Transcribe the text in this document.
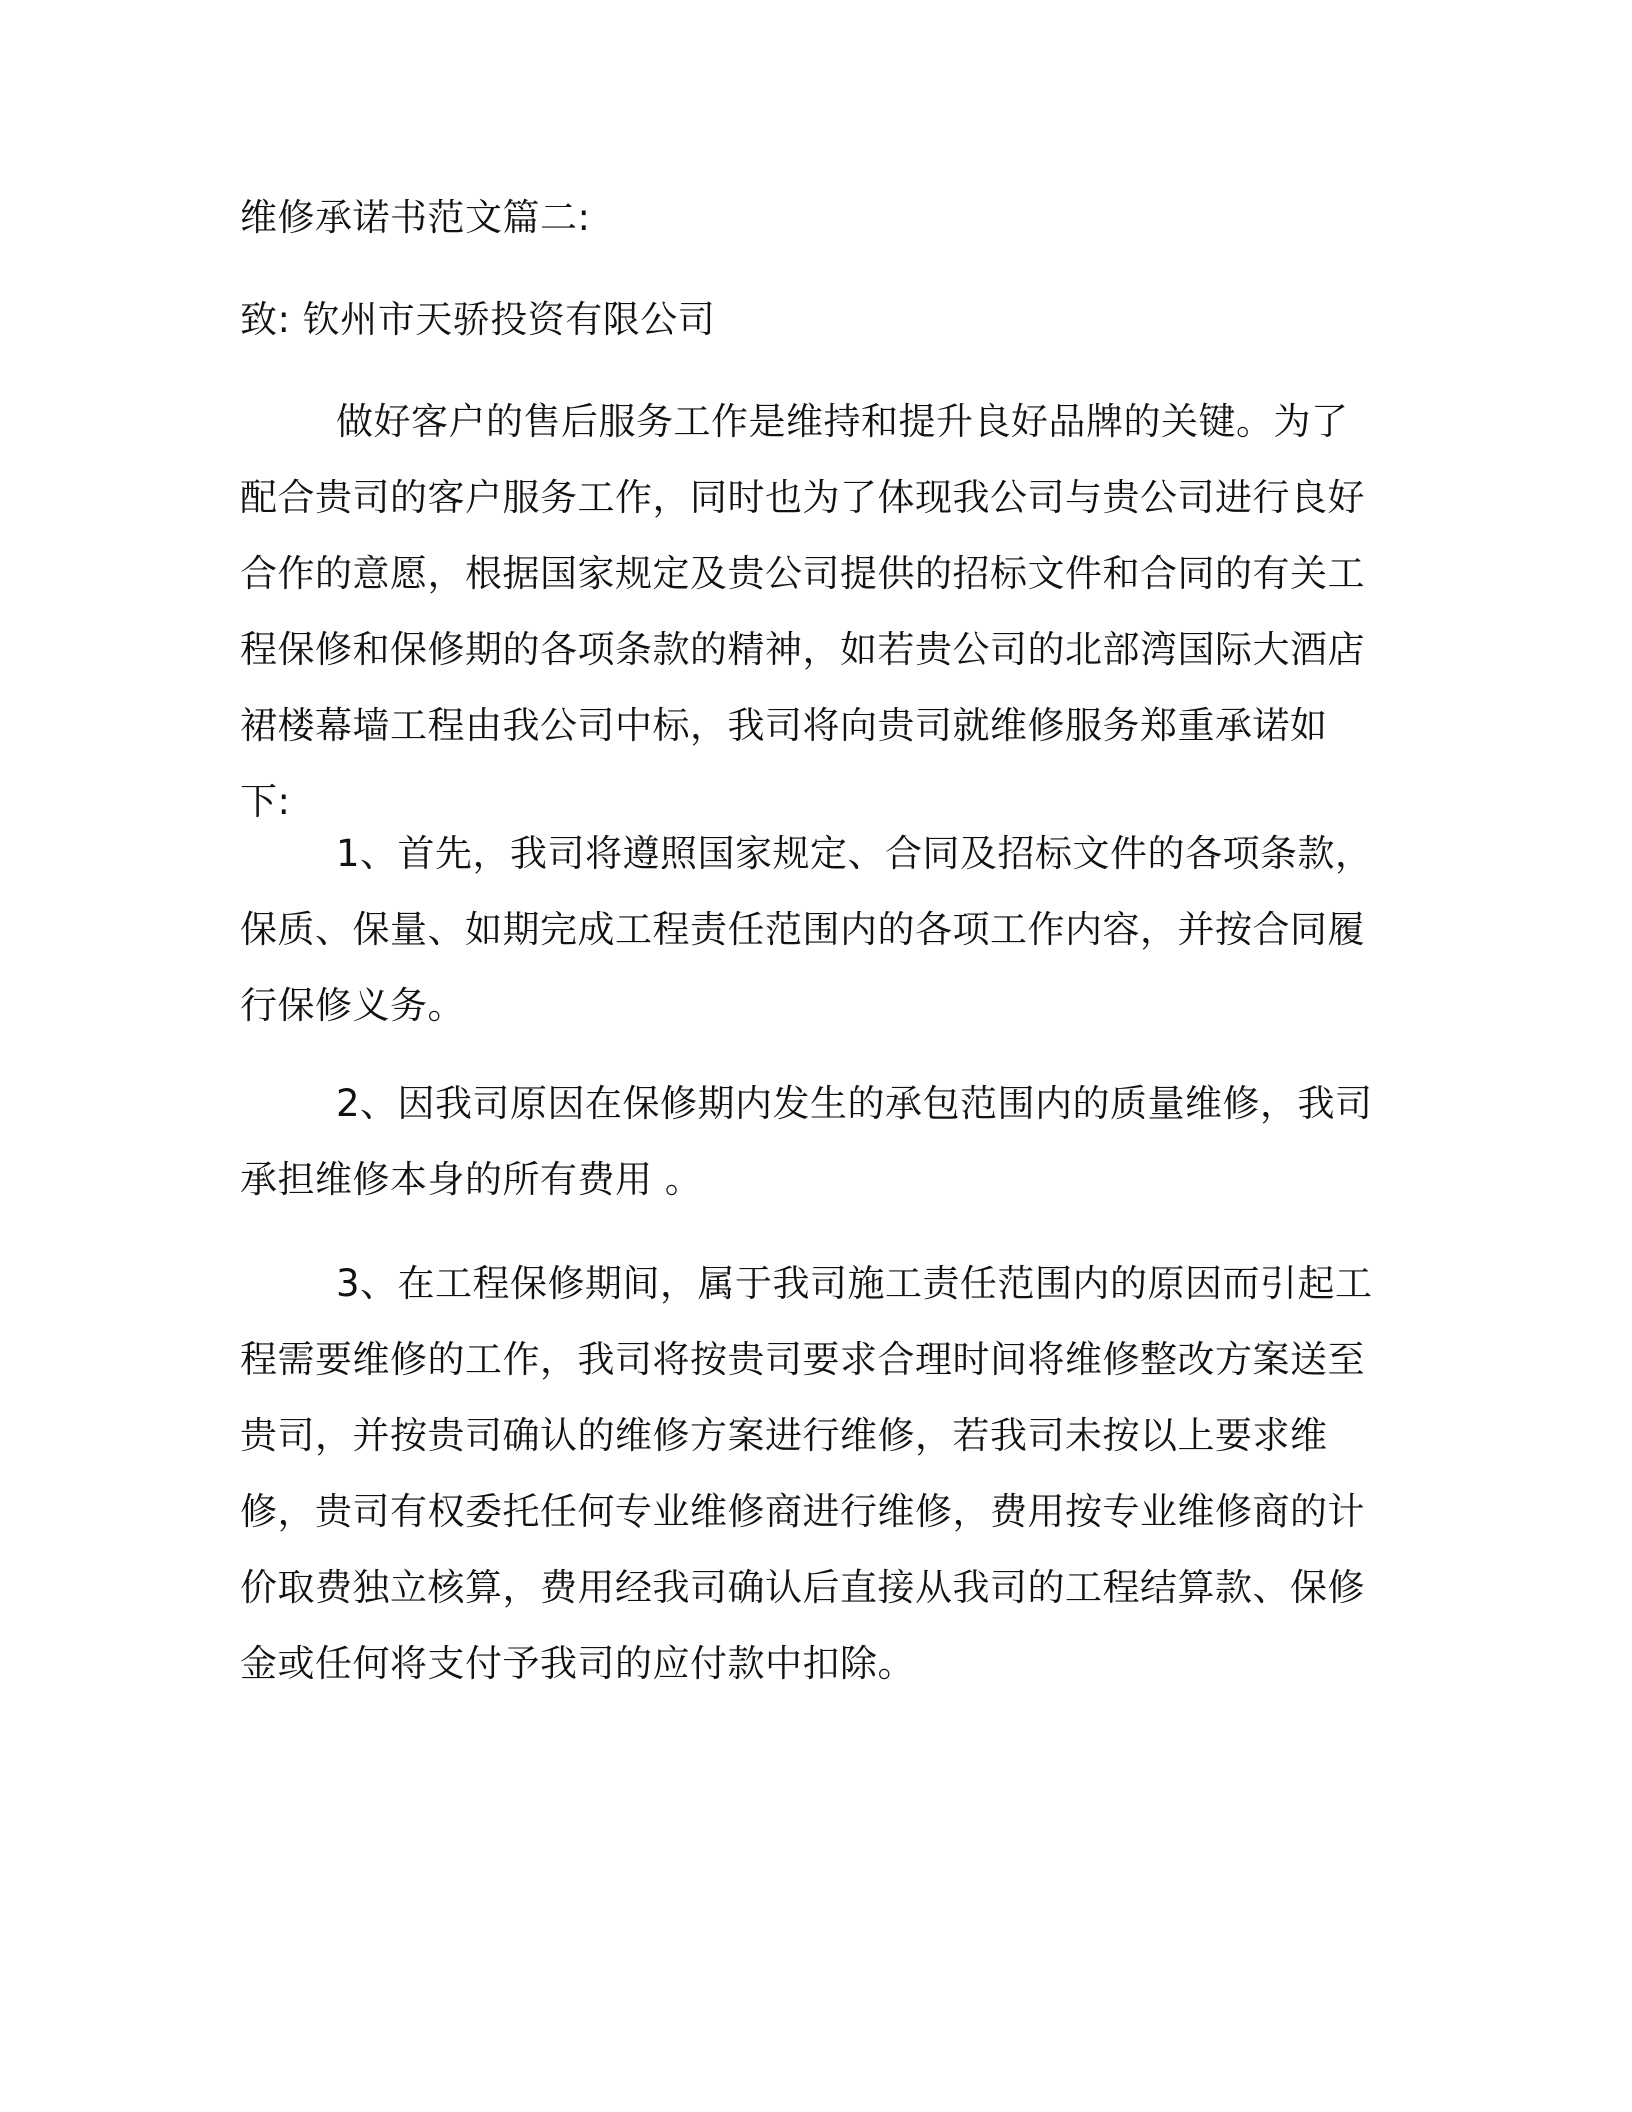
维修承诺书范文篇二:
致: 钦州市天骄投资有限公司
做好客户的售后服务工作是维持和提升良好品牌的关键。为了配合贵司的客户服务工作，同时也为了体现我公司与贵公司进行良好合作的意愿，根据国家规定及贵公司提供的招标文件和合同的有关工程保修和保修期的各项条款的精神，如若贵公司的北部湾国际大酒店裙楼幕墙工程由我公司中标，我司将向贵司就维修服务郑重承诺如下:
1、首先，我司将遵照国家规定、合同及招标文件的各项条款，保质、保量、如期完成工程责任范围内的各项工作内容，并按合同履行保修义务。
2、因我司原因在保修期内发生的承包范围内的质量维修，我司承担维修本身的所有费用 。
3、在工程保修期间，属于我司施工责任范围内的原因而引起工程需要维修的工作，我司将按贵司要求合理时间将维修整改方案送至贵司，并按贵司确认的维修方案进行维修，若我司未按以上要求维修，贵司有权委托任何专业维修商进行维修，费用按专业维修商的计价取费独立核算，费用经我司确认后直接从我司的工程结算款、保修金或任何将支付予我司的应付款中扣除。
